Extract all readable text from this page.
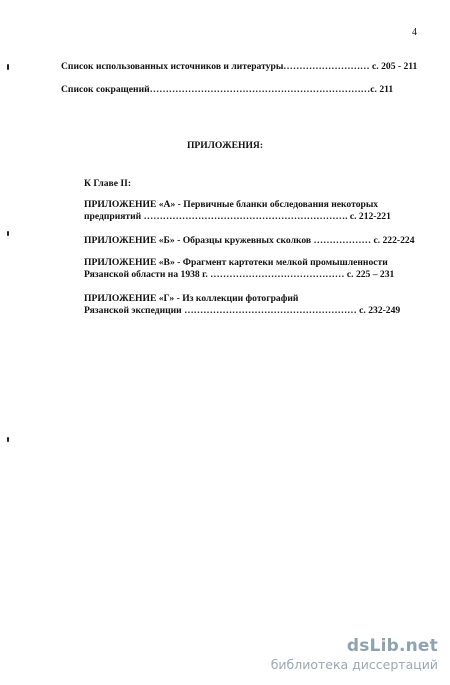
4
Список использованных источников и литературы……………………… с. 205 - 211
Список сокращений……………………………………………………………с. 211
ПРИЛОЖЕНИЯ:
К Главе II:
ПРИЛОЖЕНИЕ «А» - Первичные бланки обследования некоторых
предприятий ………………………………………………………. с. 212-221
ПРИЛОЖЕНИЕ «Б» - Образцы кружевных сколков ……………… с. 222-224
ПРИЛОЖЕНИЕ «В» - Фрагмент картотеки мелкой промышленности
Рязанской области на 1938 г. …………………………………… с. 225 – 231
ПРИЛОЖЕНИЕ «Г» - Из коллекции фотографий
Рязанской экспедиции ……………………………………………… с. 232-249
dsLib.net
библиотека диссертаций
